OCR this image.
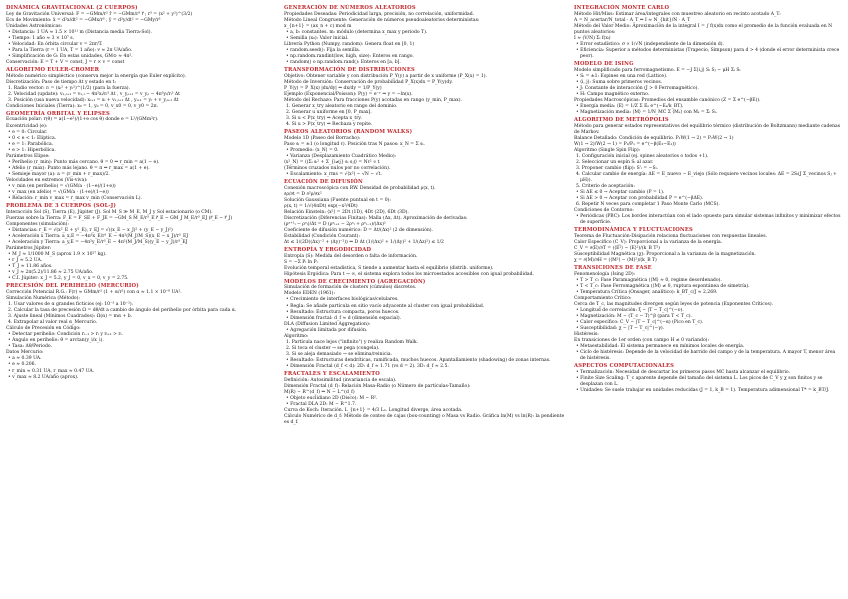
DINÁMICA GRAVITACIONAL (2 CUERPOS)
Ley de Gravitación Universal: F = −GMm/r² r̂ = −GMm/r³ r⃗ ; r³ = (x² + y²)^(3/2)
Ecs de Movimiento: ẍ = d²x/dt² = −GMx/r³ , ÿ = d²y/dt² = −GMy/r³
Unidades Astronómicas:
• Distancia: 1 UA ≈ 1.5 × 10¹¹ m (Distancia media Tierra-Sol).
• Tiempo: 1 año ≈ 3 × 10⁷ s.
• Velocidad: En órbita circular v = 2πr/T.
• Para la Tierra (r = 1 UA, T = 1 año): v ≈ 2π UA/año.
• Simplificación de G: En estas unidades, GM⊙ ≈ 4π².
Conservación: E = T + V = const, J = r × v = const
ALGORITMO EULER-CROMER
Método numérico simpléctico (conserva mejor la energía que Euler explícito).
Discretización: Paso de tiempo Δt y estado en t:
1. Radio vector: rᵢ = (xᵢ² + yᵢ²)^(1/2) (para la fuerza).
2. Velocidad (update): vₓ,ᵢ₊₁ = vₓ,ᵢ − 4π²xᵢ/rᵢ³ Δt , v_y,ᵢ₊₁ = v_y,ᵢ − 4π²yᵢ/rᵢ³ Δt
3. Posición (usa nueva velocidad): xᵢ₊₁ = xᵢ + vₓ,ᵢ₊₁ Δt , yᵢ₊₁ = yᵢ + v_y,ᵢ₊₁ Δt
Condiciones Iniciales (Tierra): x₀ = 1, y₀ = 0, v_x0 = 0, v_y0 = 2π.
GEOMETRÍA ORBITAL Y ELIPSES
Ecuación polar: r(θ) = a(1−e²)/(1+e cos θ) donde e = L²/(GMm²r).
Excentricidad (e):
• e = 0: Circular.
• 0 < e < 1: Elíptica.
• e = 1: Parabólica.
• e > 1: Hiperbólica.
Parámetros Elipse:
• Perihelio (r_min): Punto más cercano. θ = 0 ⇒ r_min = a(1 − e).
• Afelio (r_max): Punto más lejano. θ = π ⇒ r_max = a(1 + e).
• Semieje mayor (a): a = (r_min + r_max)/2.
Velocidades en extremos (Vis-viva):
• v_min (en perihelio) = √(GM/a · (1−e)/(1+e))
• v_max (en afelio) = √(GM/a · (1+e)/(1−e))
• Relación: r_min v_max = r_max v_min (Conservación L).
PROBLEMA DE 3 CUERPOS (SOL-J)
Interacción Sol (S), Tierra (E), Júpiter (J). Sol M_S ≫ M_E, M_J y Sol estacionario (o CM).
Fuerzas sobre la Tierra: F_E = F_SE + F_JE = −GM_S M_E/r³_E r⃗_E − GM_J M_E/r³_EJ (r⃗_E − r⃗_J)
Componentes (simulación):
• Distancias: r_E = √(x²_E + y²_E), r_EJ = √((x_E − x_J)² + (y_E − y_J)²)
• Aceleración x Tierra: a_x,E = −4π²x_E/r³_E − 4π²(M_J/M_S)(x_E − x_J)/r³_EJ
• Aceleración y Tierra: a_y,E = −4π²y_E/r³_E − 4π²(M_J/M_S)(y_E − y_J)/r³_EJ
Parámetros Júpiter:
• M_J ≈ 1/1000 M_S (aprox 1.9 × 10²⁷ kg).
• r_J ≈ 5.2 UA.
• T_J ≈ 11.86 años.
• v_J ≈ 2π(5.2)/11.86 ≈ 2.75 UA/año.
• C.I. Júpiter: x_J = 5.2, y_J = 0, v_x = 0, v_y = 2.75.
PRECESIÓN DEL PERIHELIO (MERCURIO)
Corrección Potencial R.G.: F(r) ≈ GMm/r² (1 + α/r²) con α ≈ 1.1 × 10⁻⁸ UA².
Simulación Numérica (Método):
1. Usar valores de α grandes ficticios (ej: 10⁻³ a 10⁻²).
2. Calcular la tasa de precesión Ω = dθ/dt a cambio de ángulo del perihelio por órbita para cada α.
3. Ajuste lineal (Mínimos Cuadrados): Ω(α) = mα + b.
4. Extrapolar al valor real α_Mercurio.
Cálculo de Precesión en Código:
• Detectar perihelio: Condición rᵢ₋₁ > rᵢ y rᵢ₊₁ > rᵢ.
• Ángulo en perihelio: θ = arctan(y_i/x_i).
• Tasa: Δθ/Periodo.
Datos Mercurio:
• a ≈ 0.39 UA.
• e ≈ 0.206.
• r_min ≈ 0.31 UA, r_max ≈ 0.47 UA.
• v_max ≈ 8.2 UA/año (aprox).
GENERACIÓN DE NÚMEROS ALEATORIOS
Propiedades Deseadas: Periodicidad larga, precisión, no correlación, uniformidad.
Método Lineal Congruente: Generación de números pseudoaleatorios deterministas:
x_{n+1} = (ax_n + c) mod m
• a, b: constantes. m: módulo (determina x_max y periodo T).
• Semilla (x₀): Valor inicial.
Librería Python (Numpy, random): Genera float en [0, 1)
• random.seed(): Fija la semilla.
• np.random.randint(low, high, size): Enteros en rango.
• random() o np.random.rand(): Enteros en [a, b].
TRANSFORMACIÓN DE DISTRIBUCIONES
Objetivo: Obtener variable y con distribución P_Y(y) a partir de x uniforme (P_X(x) = 1).
Método de Inversión: Conservación de probabilidad P_X(x)dx = P_Y(y)dy.
P_Y(y) = P_X(x) |dx/dy| ⇒ dx/dy = 1/P_Y(y)
Ejemplo (Exponencial/Poisson): P(y) = e⁻ʸ ⇒ y = −ln(x).
Método del Rechazo: Para fracciones P(y) acotadas en rango (y_min, P_max).
1. Generar x_try aleatorio en rango del dominio.
2. Generar u uniforme en [0, P_max].
3. Si u < P(x_try) ⇒ Acepta x_try.
4. Si u > P(x_try) ⇒ Rechaza y repite.
PASEOS ALEATORIOS (RANDOM WALKS)
Modelo 1D (Paseo del Borracho):
Paso sᵢ = ±1 (o longitud ℓ). Posición tras N pasos: x_N = Σ sᵢ.
• Promedio: ⟨x_N⟩ = 0.
• Varianza (Desplazamiento Cuadrático Medio):
⟨x²_N⟩ = ⟨(Σᵢ sᵢ² + Σ_{i≠j} sᵢ sⱼ)⟩ = Nℓ² ∝ t
(Términos cruzados nulos por no correlación).
• Escalamiento: x_rms = √⟨x²⟩ ∼ √N ∼ √t.
ECUACIÓN DE DIFUSIÓN
Conexión macroscópica con RW. Densidad de probabilidad ρ(x, t).
∂ρ/∂t = D ∂²ρ/∂x²
Solución Gaussiana (Fuente puntual en t = 0):
ρ(x, t) = 1/√(4πDt) exp(−x²/4Dt)
Relación Einstein: ⟨x²⟩ = 2Dt (1D), 4Dt (2D), 6Dt (3D).
Discretización (Diferencias Finitas): Malla (Δx, Δt). Aproximación de derivadas:
(ρⁿ⁺¹ᵢ − ρⁿᵢ)/Δt = D (ρⁿᵢ₊₁ − 2ρⁿᵢ + ρⁿᵢ₋₁)/(Δx)²
Coeficiente de difusión numérico: D = Δt/(Δx)² (2 de dimensión).
Estabilidad (Condición Courant):
Δt ≤ 1/(2D((Δx)⁻² + (Δy)⁻²)) ⇒ D Δt (1/(Δx)² + 1/(Δy)² + 1/(Δz)²) ≤ 1/2
ENTROPÍA Y ERGODICIDAD
Entropía (S): Medida del desorden o falta de información.
S = −Σ Pᵢ ln Pᵢ
Evolución temporal estadística, S tiende a aumentar hasta el equilibrio (distrib. uniforme).
Hipótesis Ergódica: Para t → ∞, el sistema explora todos los microestados accesibles con igual probabilidad.
MODELOS DE CRECIMIENTO (AGREGACIÓN)
Simulación de formación de clusters (cúmulos) discretos.
Modelo EDEN (1961):
• Crecimiento de interfaces biológicas/celulares.
• Regla: Se añade partícula en sitio vacío adyacente al cluster con igual probabilidad.
• Resultado: Estructura compacta, poros huecos.
• Dimensión fractal: d_f ≈ d (dimensión espacial).
DLA (Diffusion Limited Aggregation):
• Agregación limitada por difusión.
Algoritmo:
1. Partícula nace lejos ("infinito") y realiza Random Walk.
2. Si toca el cluster → se pega (congela).
3. Si se aleja demasiado → se elimina/reinicia.
• Resultado: Estructuras dendríticas, ramificada, muchos huecos. Apantallamiento (shadowing) de zonas internas.
• Dimensión Fractal (d_f < d): 2D: d_f ≈ 1.71 (vs d = 2). 3D: d_f ≈ 2.5.
FRACTALES Y ESCALAMIENTO
Definición: Autosimilitud (invariancia de escala).
Dimensión Fractal (d_f): Relación Masa-Radio (o Número de partículas-Tamaño):
M(R) ∼ R^(d_f) ⇒ N ∼ L^(d_f)
• Objeto euclidiano 2D (Disco): M ∼ R².
• Fractal DLA 2D: M ∼ R^1.7.
Curva de Koch: Iteración. L_{n+1} = 4/3 Lₙ. Longitud diverge, área acotada.
Cálculo Numérico de d_f: Método de conteo de cajas (box-counting) o Masa vs Radio. Gráfica ln(M) vs ln(R): la pendiente es d_f.
INTEGRACIÓN MONTE CARLO
Método Hit/Miss: Estimar área/integrales con muestreo aleatorio en recinto acotado A_T:
A = N_acertar/N_total · A_T ⇒ I ≈ N_{hit}/N · A_T
Método del Valor Medio: Aproximación de la integral I = ∫ f(x)dx como el promedio de la función evaluada en N puntos aleatorios:
I ≈ (V/N) Σᵢ f(xᵢ)
• Error estadístico: σ ∝ 1/√N (independiente de la dimensión d).
• Eficiencia: Superior a métodos deterministas (Trapecio, Simpson) para d > 4 (donde el error determinista crece peor).
MODELO DE ISING
Modelo simplificado para ferromagnetismo. E = −J Σ⟨i,j⟩ Sᵢ Sⱼ − μH Σᵢ Sᵢ
• Sᵢ = ±1: Espines en una red (Lattice).
• ⟨i, j⟩: Suma sobre primeros vecinos.
• J: Constante de interacción (J > 0 Ferromagnético).
• H: Campo magnético externo.
Propiedades Macroscópicas: Promedios del ensamble canónico (Z = Σ e^(−βE)).
• Energía media: ⟨E⟩ = 1/Z Σ Eₛ e^(−Eₛ/k_BT).
• Magnetización media: ⟨M⟩ = 1/N_MC Σ ⟨Mₛ⟩ con Mₛ = Σᵢ Sᵢ.
ALGORITMO DE METRÓPOLIS
Método para generar estados representativos del equilibrio térmico (distribución de Boltzmann) mediante cadenas de Markov.
Balance Detallado: Condición de equilibrio. P₁W(1 → 2) = P₂W(2 → 1)
W(1 → 2)/W(2 → 1) = P₂/P₁ = e^(−β(E₂−E₁))
Algoritmo (Single Spin Flip):
1. Configuración inicial (ej. spines aleatorios o todos +1).
2. Seleccionar un espín Sᵢ al azar.
3. Proponer cambio (flip): S'ᵢ = −Sᵢ.
4. Calcular cambio de energía: ΔE = E_nuevo − E_viejo (Sólo requiere vecinos locales: ΔE = 2Sᵢ(J Σ_vecinos Sⱼ + μH)).
5. Criterio de aceptación:
• Si ΔE ≤ 0 → Aceptar cambio (P = 1).
• Si ΔE > 0 → Aceptar con probabilidad P = e^(−βΔE).
6. Repetir N veces para completar 1 Paso Monte Carlo (MCS).
Condiciones de Contorno:
• Periódicas (PBC): Los bordes interactúan con el lado opuesto para simular sistemas infinitos y minimizar efectos de superficie.
TERMODINÁMICA Y FLUCTUACIONES
Teorema de Fluctuación-Disipación relaciona fluctuaciones con respuestas lineales.
Calor Específico (C_V): Proporcional a la varianza de la energía.
C_V = ∂⟨E⟩/∂T = (⟨E²⟩ − ⟨E⟩²)/(k_B T²)
Susceptibilidad Magnética (χ): Proporcional a la varianza de la magnetización.
χ = ∂⟨M⟩/∂H = (⟨M²⟩ − ⟨M⟩²)/(k_B T)
TRANSICIONES DE FASE
Fenomenología (Ising 2D):
• T > T_c: Fase Paramagnética (⟨M⟩ ≈ 0, regime desordenado).
• T < T_c: Fase Ferromagnética (⟨M⟩ ≠ 0, ruptura espontánea de simetría).
• Temperatura Crítica (Onsager, analítico): k_BT_c/J ≈ 2.269.
Comportamiento Crítico:
Cerca de T_c, las magnitudes divergen según leyes de potencia (Exponentes Críticos).
• Longitud de correlación: ξ ∼ |T − T_c|^(−ν).
• Magnetización: M ∼ (T_c − T)^β (para T < T_c).
• Calor específico: C_V ∼ |T − T_c|^(−α) (Pico en T_c).
• Susceptibilidad: χ ∼ |T − T_c|^(−γ).
Histéresis:
En transiciones de 1er orden (con campo H ≠ 0 variando):
• Metaestabilidad: El sistema permanece en mínimos locales de energía.
• Ciclo de histéresis: Depende de la velocidad de barrido del campo y de la temperatura. A mayor T, menor área de histéresis.
ASPECTOS COMPUTACIONALES
• Termalización: Necesidad de descartar los primeros pasos MC hasta alcanzar el equilibrio.
• Finite Size Scaling: T_c aparente depende del tamaño del sistema L. Los picos de C_V y χ son finitos y se desplazan con L.
• Unidades: Se suele trabajar en unidades reducidas (J = 1, k_B = 1). Temperatura adimensional T* = k_BT/J.
